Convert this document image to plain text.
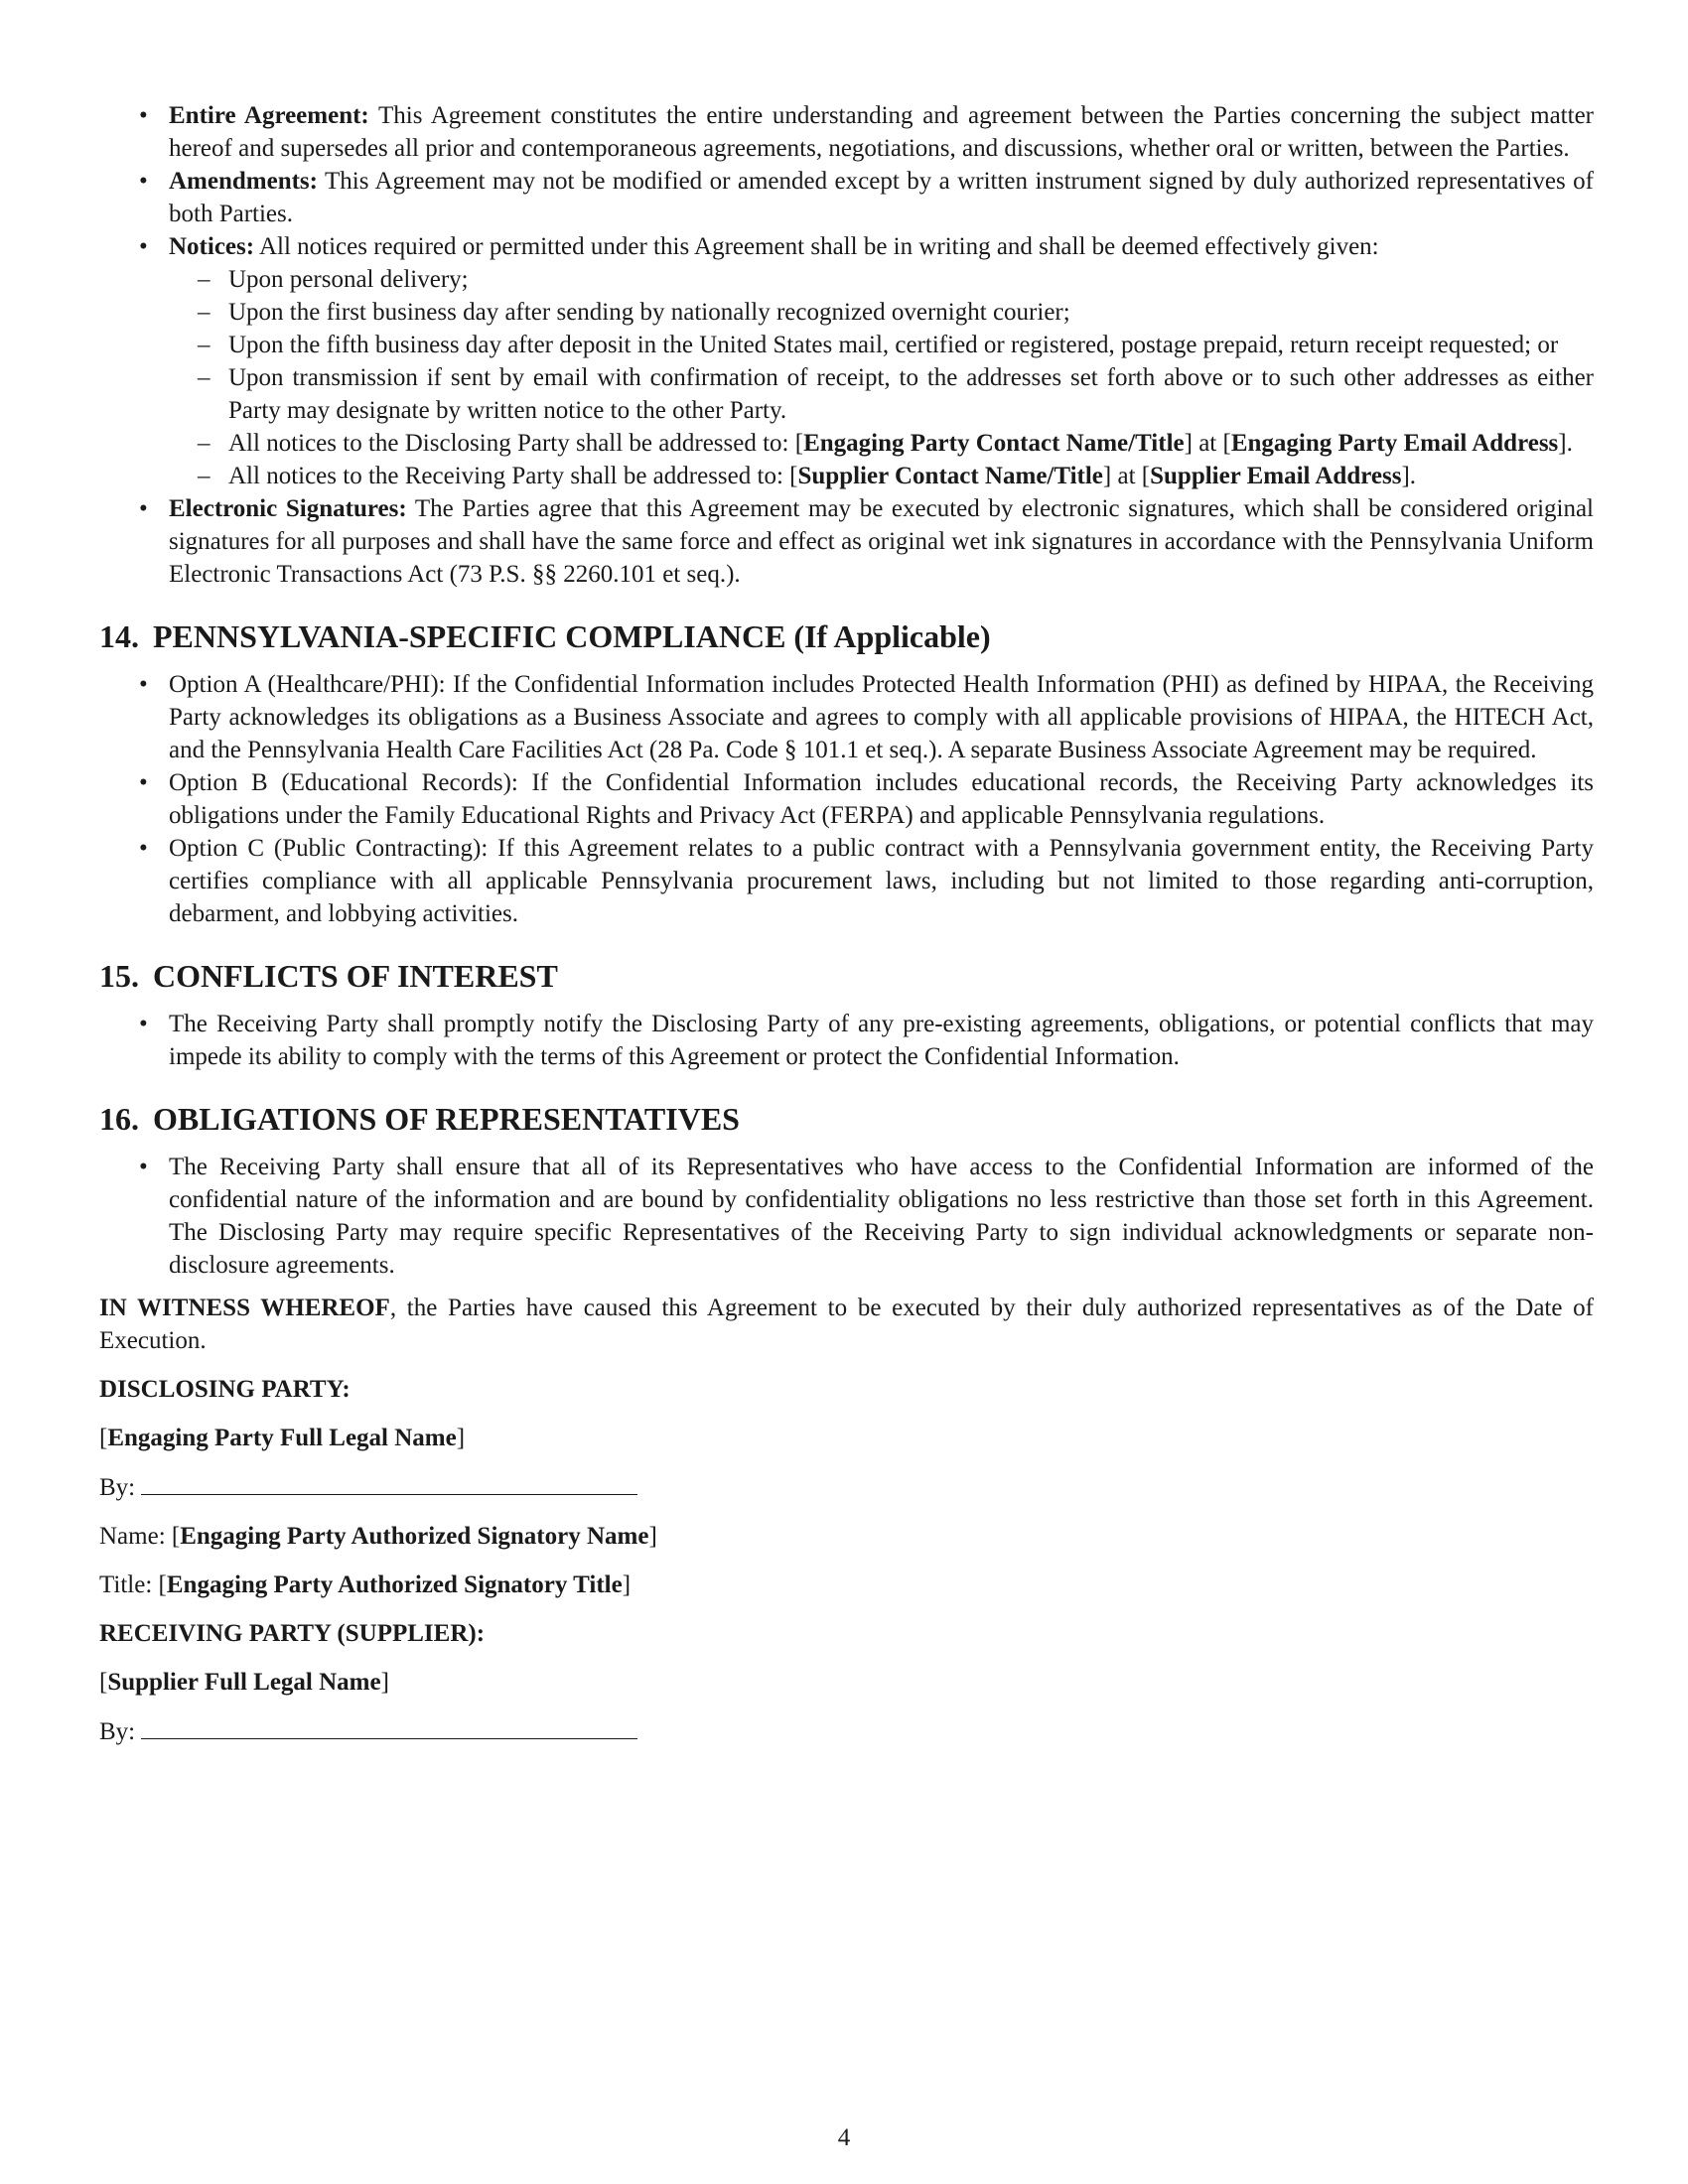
• Entire Agreement: This Agreement constitutes the entire understanding and agreement between the Parties concerning the subject matter hereof and supersedes all prior and contemporaneous agreements, negotiations, and discussions, whether oral or written, between the Parties.
• Amendments: This Agreement may not be modified or amended except by a written instrument signed by duly authorized representatives of both Parties.
• Notices: All notices required or permitted under this Agreement shall be in writing and shall be deemed effectively given:
– Upon personal delivery;
– Upon the first business day after sending by nationally recognized overnight courier;
– Upon the fifth business day after deposit in the United States mail, certified or registered, postage prepaid, return receipt requested; or
– Upon transmission if sent by email with confirmation of receipt, to the addresses set forth above or to such other addresses as either Party may designate by written notice to the other Party.
– All notices to the Disclosing Party shall be addressed to: [Engaging Party Contact Name/Title] at [Engaging Party Email Address].
– All notices to the Receiving Party shall be addressed to: [Supplier Contact Name/Title] at [Supplier Email Address].
• Electronic Signatures: The Parties agree that this Agreement may be executed by electronic signatures, which shall be considered original signatures for all purposes and shall have the same force and effect as original wet ink signatures in accordance with the Pennsylvania Uniform Electronic Transactions Act (73 P.S. §§ 2260.101 et seq.).
14. PENNSYLVANIA-SPECIFIC COMPLIANCE (If Applicable)
• Option A (Healthcare/PHI): If the Confidential Information includes Protected Health Information (PHI) as defined by HIPAA, the Receiving Party acknowledges its obligations as a Business Associate and agrees to comply with all applicable provisions of HIPAA, the HITECH Act, and the Pennsylvania Health Care Facilities Act (28 Pa. Code § 101.1 et seq.). A separate Business Associate Agreement may be required.
• Option B (Educational Records): If the Confidential Information includes educational records, the Receiving Party acknowledges its obligations under the Family Educational Rights and Privacy Act (FERPA) and applicable Pennsylvania regulations.
• Option C (Public Contracting): If this Agreement relates to a public contract with a Pennsylvania government entity, the Receiving Party certifies compliance with all applicable Pennsylvania procurement laws, including but not limited to those regarding anti-corruption, debarment, and lobbying activities.
15. CONFLICTS OF INTEREST
• The Receiving Party shall promptly notify the Disclosing Party of any pre-existing agreements, obligations, or potential conflicts that may impede its ability to comply with the terms of this Agreement or protect the Confidential Information.
16. OBLIGATIONS OF REPRESENTATIVES
• The Receiving Party shall ensure that all of its Representatives who have access to the Confidential Information are informed of the confidential nature of the information and are bound by confidentiality obligations no less restrictive than those set forth in this Agreement. The Disclosing Party may require specific Representatives of the Receiving Party to sign individual acknowledgments or separate non-disclosure agreements.

IN WITNESS WHEREOF, the Parties have caused this Agreement to be executed by their duly authorized representatives as of the Date of Execution.

DISCLOSING PARTY:

[Engaging Party Full Legal Name]

By:

Name: [Engaging Party Authorized Signatory Name]

Title: [Engaging Party Authorized Signatory Title]

RECEIVING PARTY (SUPPLIER):

[Supplier Full Legal Name]

By:

4
